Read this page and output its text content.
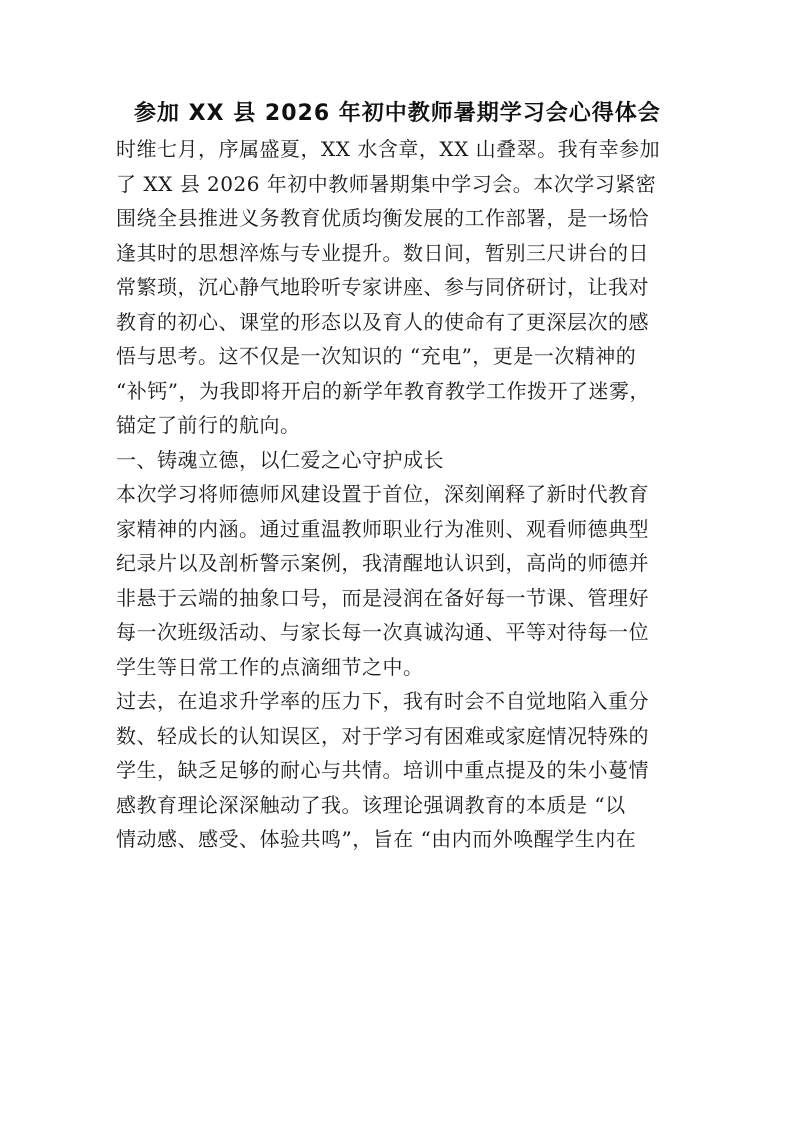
参加 XX 县 2026 年初中教师暑期学习会心得体会
时维七月，序属盛夏，XX 水含章，XX 山叠翠。我有幸参加
了 XX 县 2026 年初中教师暑期集中学习会。本次学习紧密
围绕全县推进义务教育优质均衡发展的工作部署，是一场恰
逢其时的思想淬炼与专业提升。数日间，暂别三尺讲台的日
常繁琐，沉心静气地聆听专家讲座、参与同侪研讨，让我对
教育的初心、课堂的形态以及育人的使命有了更深层次的感
悟与思考。这不仅是一次知识的 “充电”，更是一次精神的
“补钙”，为我即将开启的新学年教育教学工作拨开了迷雾，
锚定了前行的航向。
一、铸魂立德，以仁爱之心守护成长
本次学习将师德师风建设置于首位，深刻阐释了新时代教育
家精神的内涵。通过重温教师职业行为准则、观看师德典型
纪录片以及剖析警示案例，我清醒地认识到，高尚的师德并
非悬于云端的抽象口号，而是浸润在备好每一节课、管理好
每一次班级活动、与家长每一次真诚沟通、平等对待每一位
学生等日常工作的点滴细节之中。
过去，在追求升学率的压力下，我有时会不自觉地陷入重分
数、轻成长的认知误区，对于学习有困难或家庭情况特殊的
学生，缺乏足够的耐心与共情。培训中重点提及的朱小蔓情
感教育理论深深触动了我。该理论强调教育的本质是 “以
情动感、感受、体验共鸣”，旨在 “由内而外唤醒学生内在
